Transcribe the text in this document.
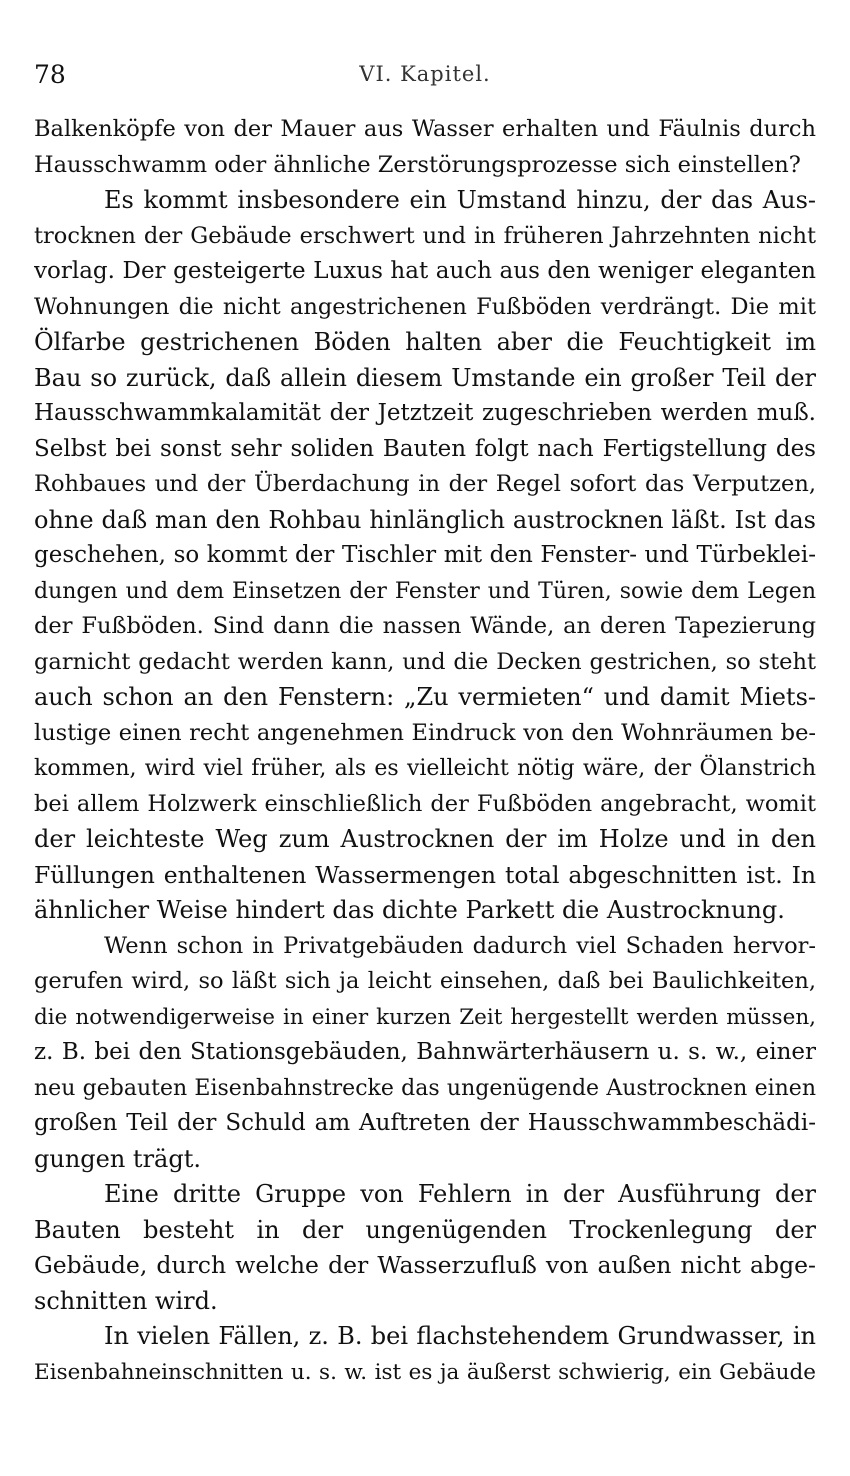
78	VI. Kapitel.
Balkenköpfe von der Mauer aus Wasser erhalten und Fäulnis durch
Hausschwamm oder ähnliche Zerstörungsprozesse sich einstellen?
Es kommt insbesondere ein Umstand hinzu, der das Aus-
trocknen der Gebäude erschwert und in früheren Jahrzehnten nicht
vorlag. Der gesteigerte Luxus hat auch aus den weniger eleganten
Wohnungen die nicht angestrichenen Fußböden verdrängt. Die mit
Ölfarbe gestrichenen Böden halten aber die Feuchtigkeit im
Bau so zurück, daß allein diesem Umstande ein großer Teil der
Hausschwammkalamität der Jetztzeit zugeschrieben werden muß.
Selbst bei sonst sehr soliden Bauten folgt nach Fertigstellung des
Rohbaues und der Überdachung in der Regel sofort das Verputzen,
ohne daß man den Rohbau hinlänglich austrocknen läßt. Ist das
geschehen, so kommt der Tischler mit den Fenster- und Türbeklei-
dungen und dem Einsetzen der Fenster und Türen, sowie dem Legen
der Fußböden. Sind dann die nassen Wände, an deren Tapezierung
garnicht gedacht werden kann, und die Decken gestrichen, so steht
auch schon an den Fenstern: „Zu vermieten“ und damit Miets-
lustige einen recht angenehmen Eindruck von den Wohnräumen be-
kommen, wird viel früher, als es vielleicht nötig wäre, der Ölanstrich
bei allem Holzwerk einschließlich der Fußböden angebracht, womit
der leichteste Weg zum Austrocknen der im Holze und in den
Füllungen enthaltenen Wassermengen total abgeschnitten ist. In
ähnlicher Weise hindert das dichte Parkett die Austrocknung.
Wenn schon in Privatgebäuden dadurch viel Schaden hervor-
gerufen wird, so läßt sich ja leicht einsehen, daß bei Baulichkeiten,
die notwendigerweise in einer kurzen Zeit hergestellt werden müssen,
z. B. bei den Stationsgebäuden, Bahnwärterhäusern u. s. w., einer
neu gebauten Eisenbahnstrecke das ungenügende Austrocknen einen
großen Teil der Schuld am Auftreten der Hausschwammbeschädi-
gungen trägt.
Eine dritte Gruppe von Fehlern in der Ausführung der
Bauten besteht in der ungenügenden Trockenlegung der
Gebäude, durch welche der Wasserzufluß von außen nicht abge-
schnitten wird.
In vielen Fällen, z. B. bei flachstehendem Grundwasser, in
Eisenbahneinschnitten u. s. w. ist es ja äußerst schwierig, ein Gebäude
